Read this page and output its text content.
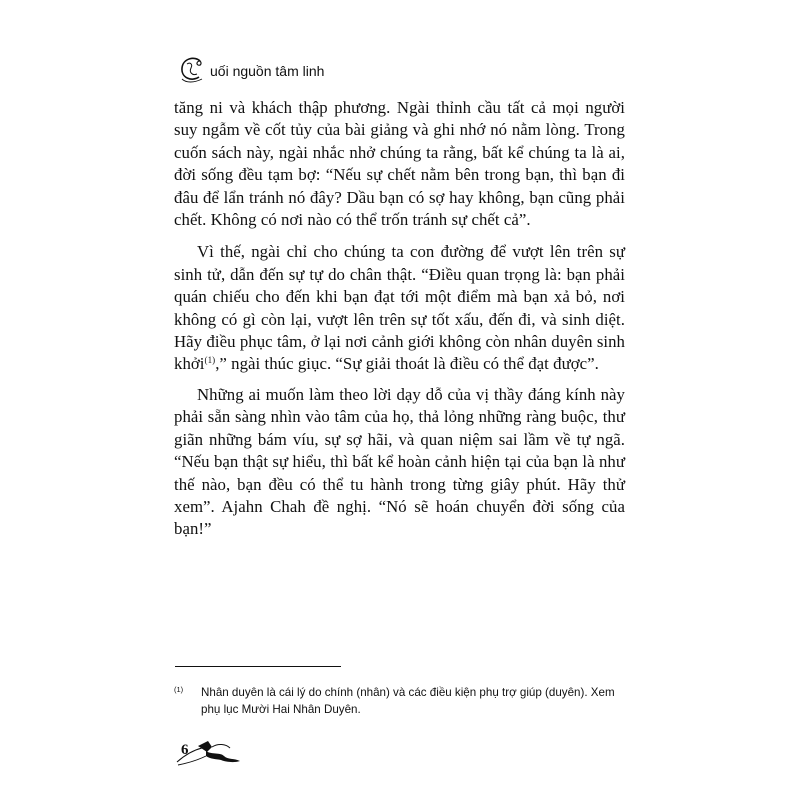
uối nguồn tâm linh

tăng ni và khách thập phương. Ngài thỉnh cầu tất cả mọi người suy ngẫm về cốt tủy của bài giảng và ghi nhớ nó nằm lòng. Trong cuốn sách này, ngài nhắc nhở chúng ta rằng, bất kể chúng ta là ai, đời sống đều tạm bợ: “Nếu sự chết nằm bên trong bạn, thì bạn đi đâu để lẩn tránh nó đây? Dầu bạn có sợ hay không, bạn cũng phải chết. Không có nơi nào có thể trốn tránh sự chết cả”.

Vì thế, ngài chỉ cho chúng ta con đường để vượt lên trên sự sinh tử, dẫn đến sự tự do chân thật. “Điều quan trọng là: bạn phải quán chiếu cho đến khi bạn đạt tới một điểm mà bạn xả bỏ, nơi không có gì còn lại, vượt lên trên sự tốt xấu, đến đi, và sinh diệt. Hãy điều phục tâm, ở lại nơi cảnh giới không còn nhân duyên sinh khởi$^{(1)}$,” ngài thúc giục. “Sự giải thoát là điều có thể đạt được”.

Những ai muốn làm theo lời dạy dỗ của vị thầy đáng kính này phải sẵn sàng nhìn vào tâm của họ, thả lỏng những ràng buộc, thư giãn những bám víu, sự sợ hãi, và quan niệm sai lầm về tự ngã. “Nếu bạn thật sự hiểu, thì bất kể hoàn cảnh hiện tại của bạn là như thế nào, bạn đều có thể tu hành trong từng giây phút. Hãy thử xem”. Ajahn Chah đề nghị. “Nó sẽ hoán chuyển đời sống của bạn!”

(1)	Nhân duyên là cái lý do chính (nhân) và các điều kiện phụ trợ giúp (duyên). Xem phụ lục Mười Hai Nhân Duyên.
6
